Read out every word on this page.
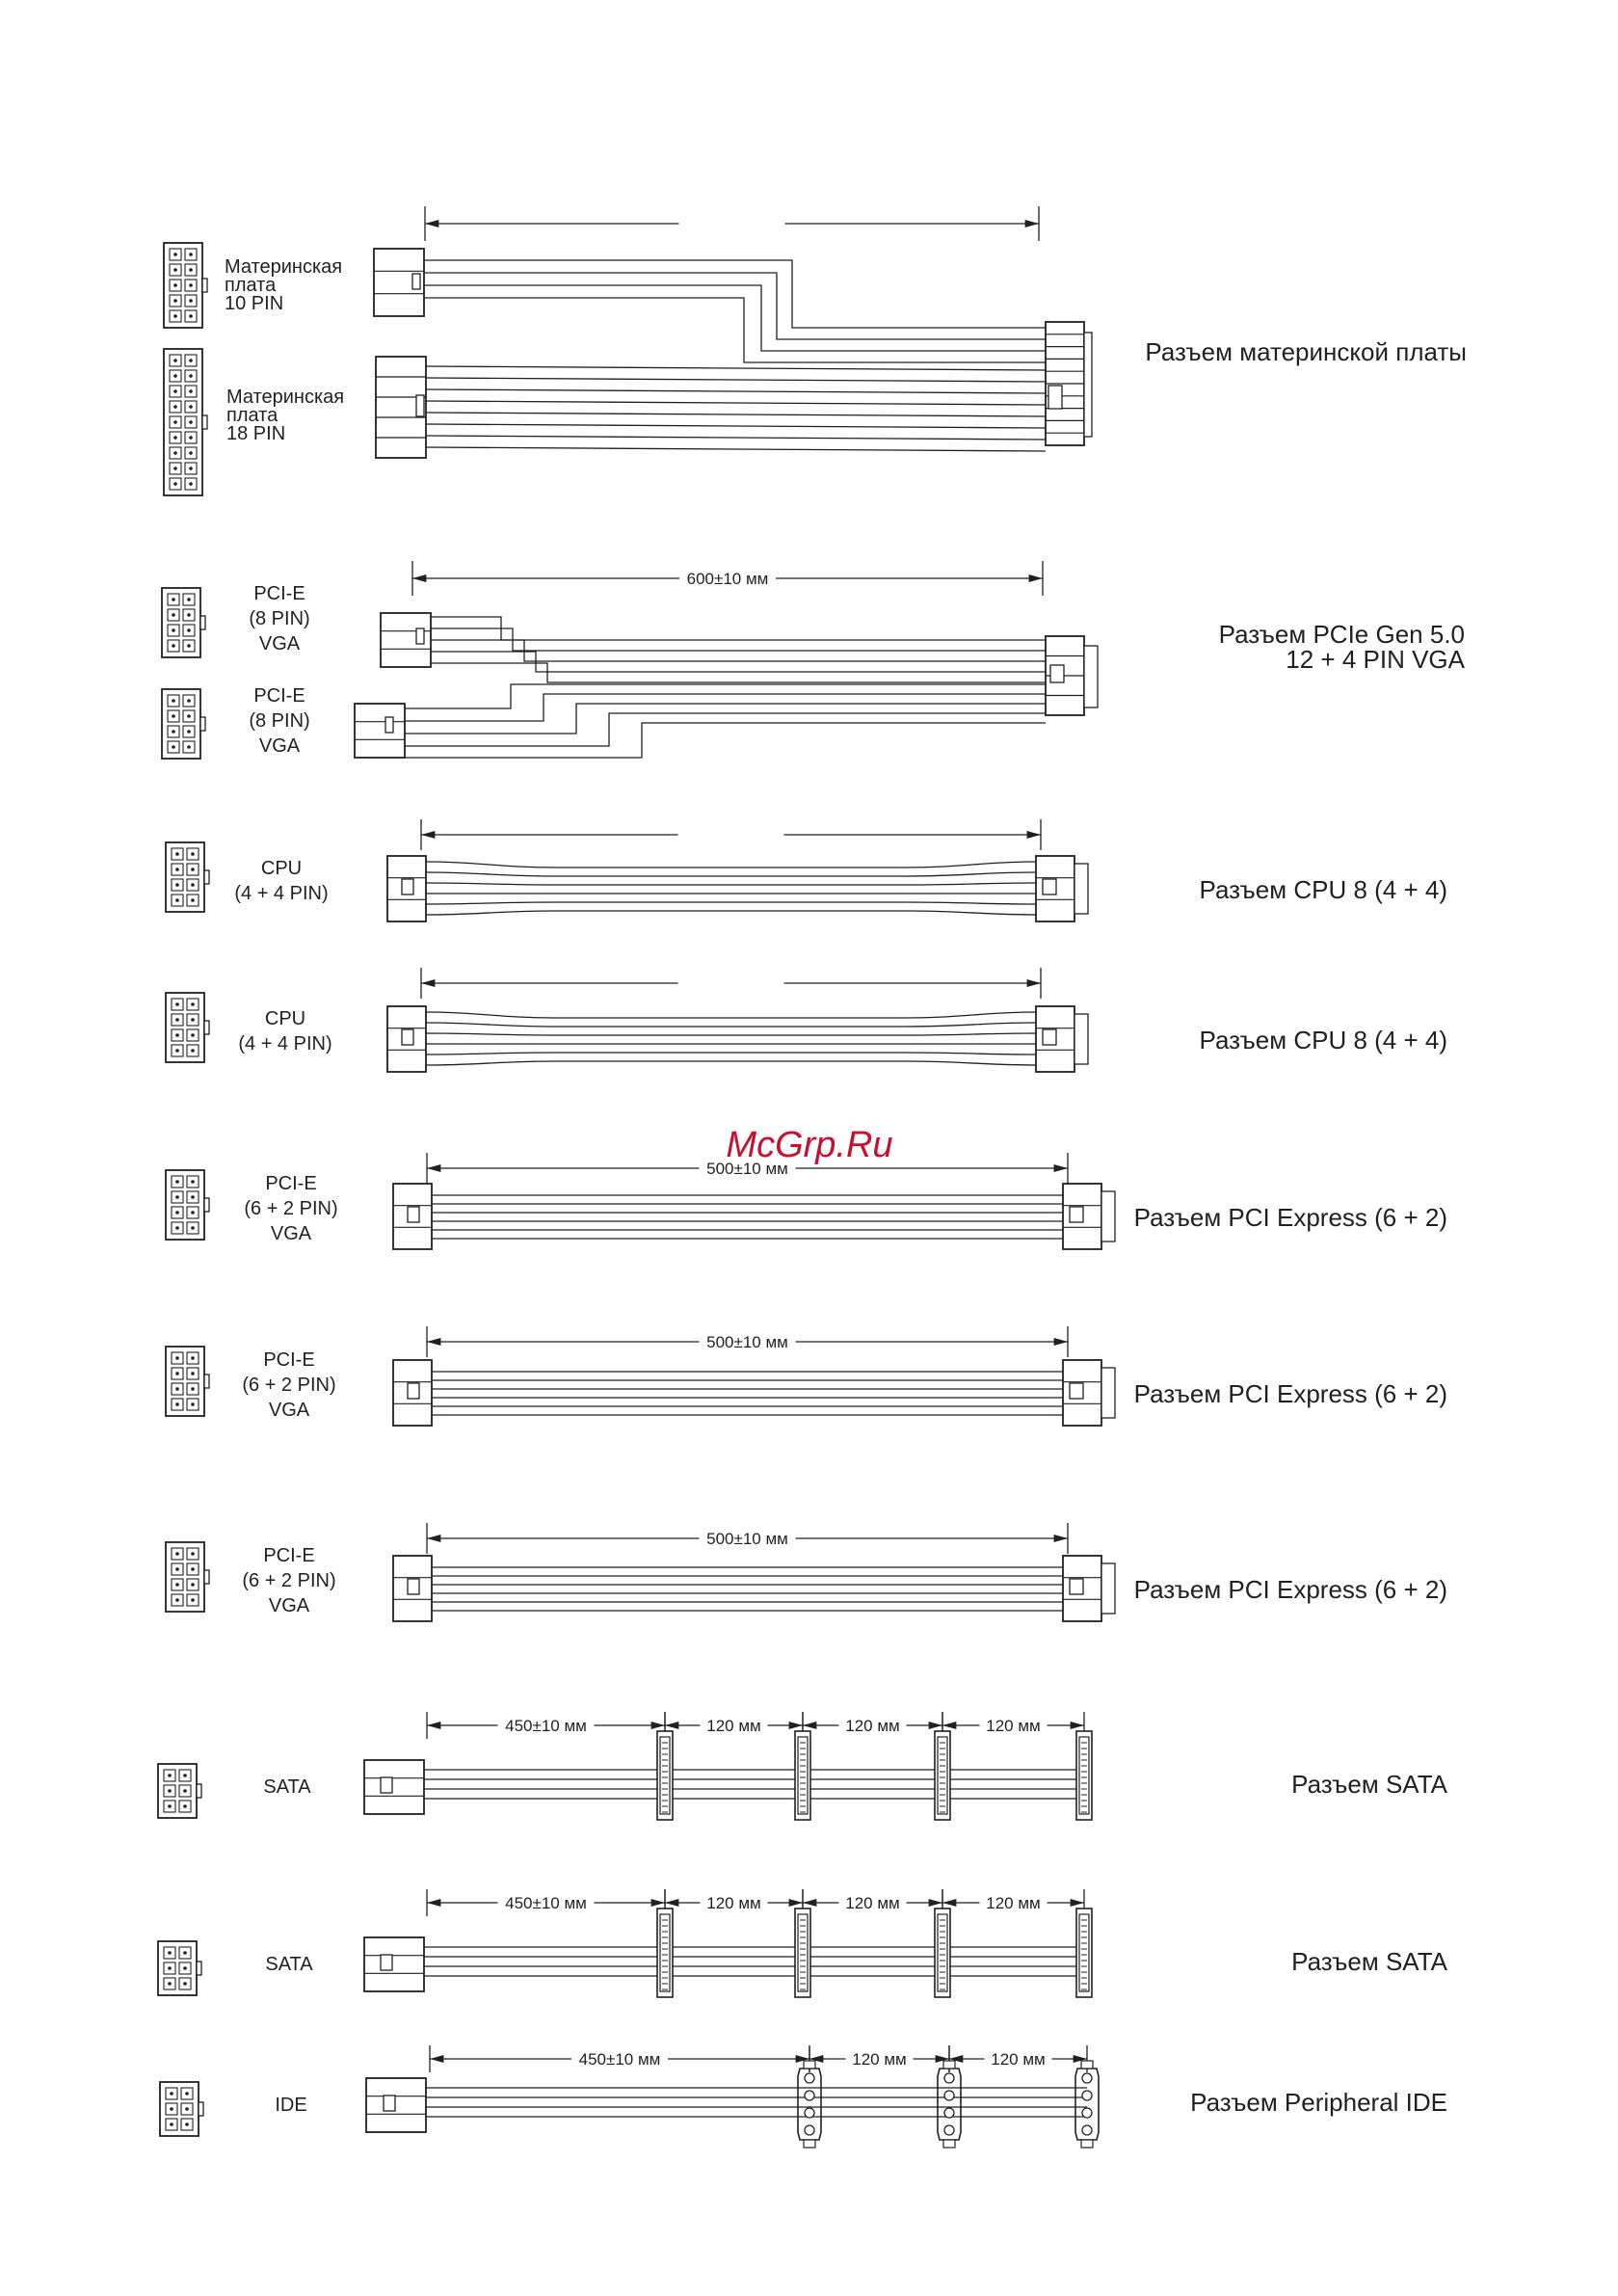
Материнская
плата
10 PIN
Материнская
плата
18 PIN
Разъем материнской платы
PCI-E
(8 PIN)
VGA
PCI-E
(8 PIN)
VGA
600±10 мм
Разъем PCIe Gen 5.0
12 + 4 PIN VGA
CPU
(4 + 4 PIN)	Разъем CPU 8 (4 + 4)
CPU
(4 + 4 PIN)	Разъем CPU 8 (4 + 4)
PCI-E
(6 + 2 PIN)
VGA
500±10 мм
Разъем PCI Express (6 + 2)
PCI-E
(6 + 2 PIN)
VGA
500±10 мм
Разъем PCI Express (6 + 2)
PCI-E
(6 + 2 PIN)
VGA
500±10 мм
Разъем PCI Express (6 + 2)
SATA
450±10 мм	120 мм	120 мм	120 мм
Разъем SATA
SATA
450±10 мм	120 мм	120 мм	120 мм
Разъем SATA
IDE
450±10 мм	120 мм	120 мм
Разъем Peripheral IDE
McGrp.Ru
